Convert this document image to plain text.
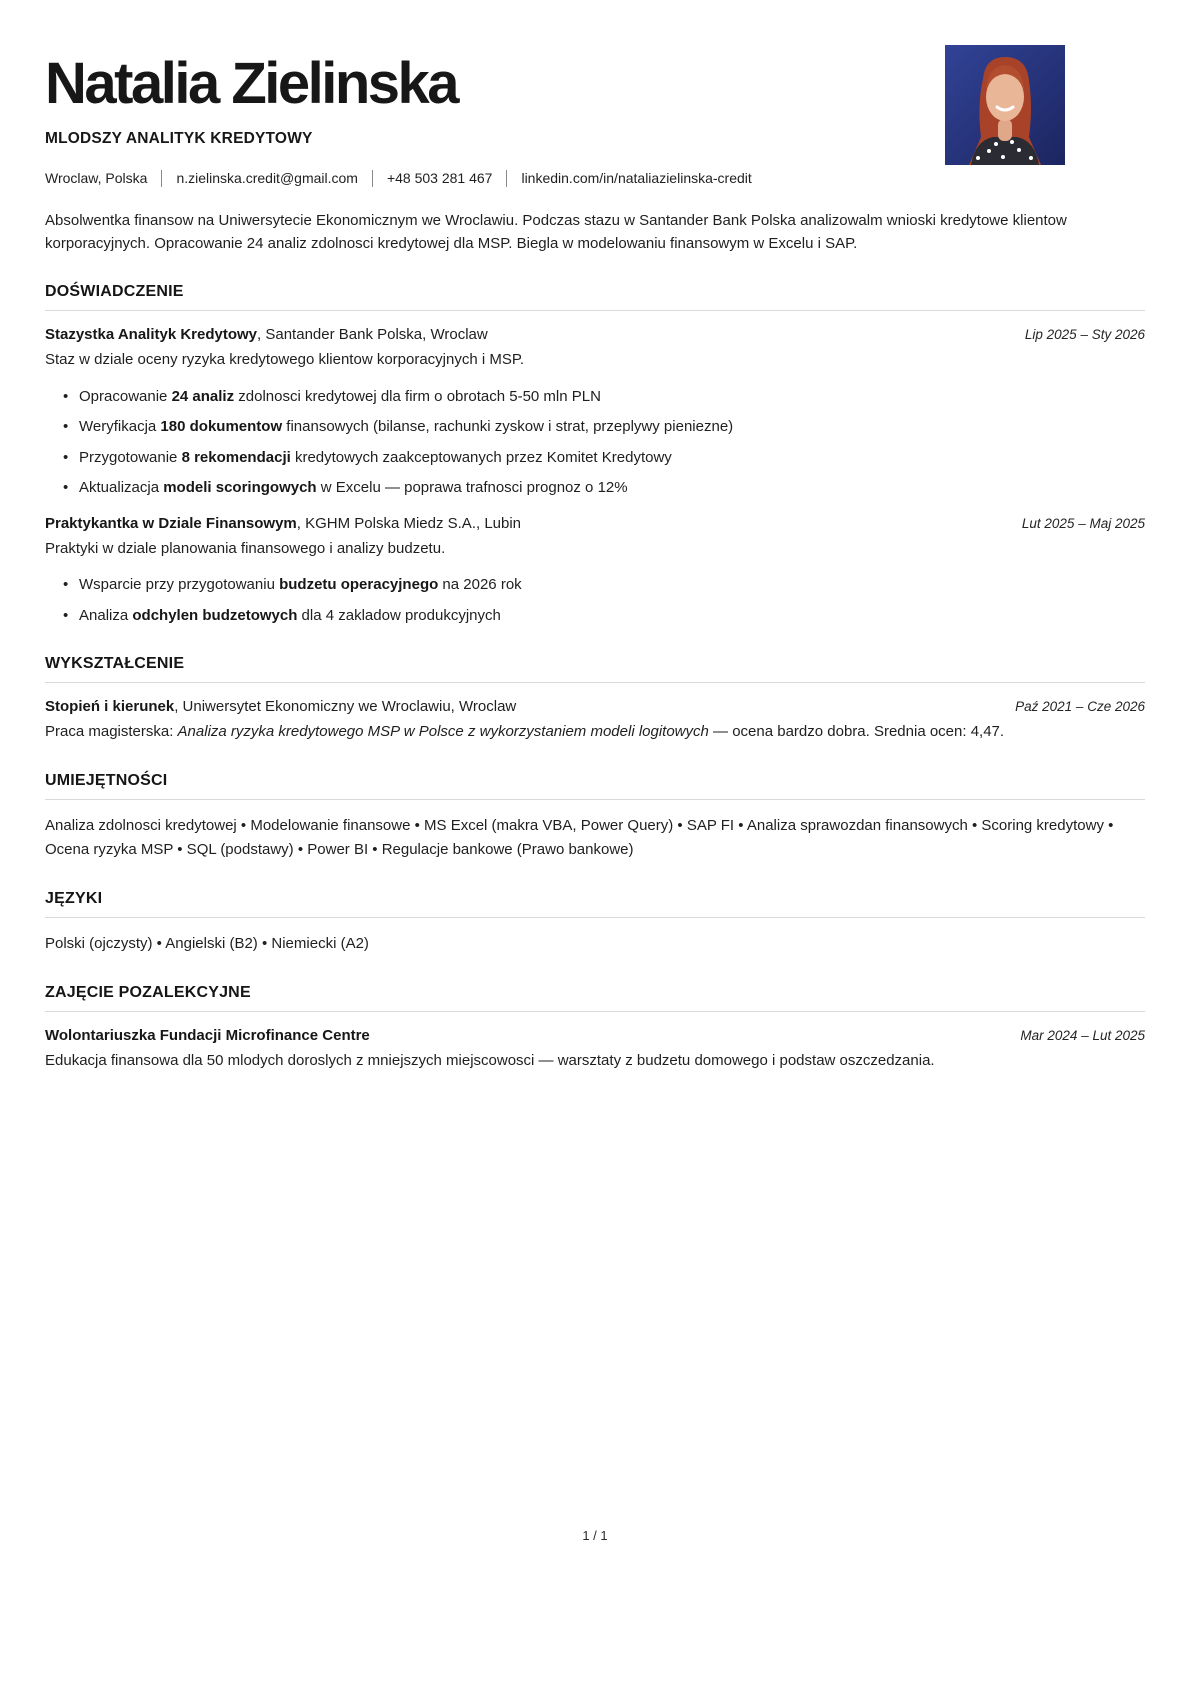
Natalia Zielinska
MLODSZY ANALITYK KREDYTOWY
Wroclaw, Polska n.zielinska.credit@gmail.com +48 503 281 467 linkedin.com/in/nataliazielinska-credit

Absolwentka finansow na Uniwersytecie Ekonomicznym we Wroclawiu. Podczas stazu w Santander Bank Polska analizowalm wnioski kredytowe klientow korporacyjnych. Opracowanie 24 analiz zdolnosci kredytowej dla MSP. Biegla w modelowaniu finansowym w Excelu i SAP.

DOŚWIADCZENIE
Stazystka Analityk Kredytowy, Santander Bank Polska, Wroclaw	Lip 2025 – Sty 2026
Staz w dziale oceny ryzyka kredytowego klientow korporacyjnych i MSP.
• Opracowanie 24 analiz zdolnosci kredytowej dla firm o obrotach 5-50 mln PLN
• Weryfikacja 180 dokumentow finansowych (bilanse, rachunki zyskow i strat, przeplywy pieniezne)
• Przygotowanie 8 rekomendacji kredytowych zaakceptowanych przez Komitet Kredytowy
• Aktualizacja modeli scoringowych w Excelu — poprawa trafnosci prognoz o 12%
Praktykantka w Dziale Finansowym, KGHM Polska Miedz S.A., Lubin	Lut 2025 – Maj 2025
Praktyki w dziale planowania finansowego i analizy budzetu.
• Wsparcie przy przygotowaniu budzetu operacyjnego na 2026 rok
• Analiza odchylen budzetowych dla 4 zakladow produkcyjnych
WYKSZTAŁCENIE
Stopień i kierunek, Uniwersytet Ekonomiczny we Wroclawiu, Wroclaw	Paź 2021 – Cze 2026
Praca magisterska: Analiza ryzyka kredytowego MSP w Polsce z wykorzystaniem modeli logitowych — ocena bardzo dobra. Srednia ocen: 4,47.
UMIEJĘTNOŚCI

Analiza zdolnosci kredytowej • Modelowanie finansowe • MS Excel (makra VBA, Power Query) • SAP FI • Analiza sprawozdan finansowych • Scoring kredytowy • Ocena ryzyka MSP • SQL (podstawy) • Power BI • Regulacje bankowe (Prawo bankowe)

JĘZYKI

Polski (ojczysty) • Angielski (B2) • Niemiecki (A2)

ZAJĘCIE POZALEKCYJNE
Wolontariuszka Fundacji Microfinance Centre	Mar 2024 – Lut 2025
Edukacja finansowa dla 50 mlodych doroslych z mniejszych miejscowosci — warsztaty z budzetu domowego i podstaw oszczedzania.
1 / 1
